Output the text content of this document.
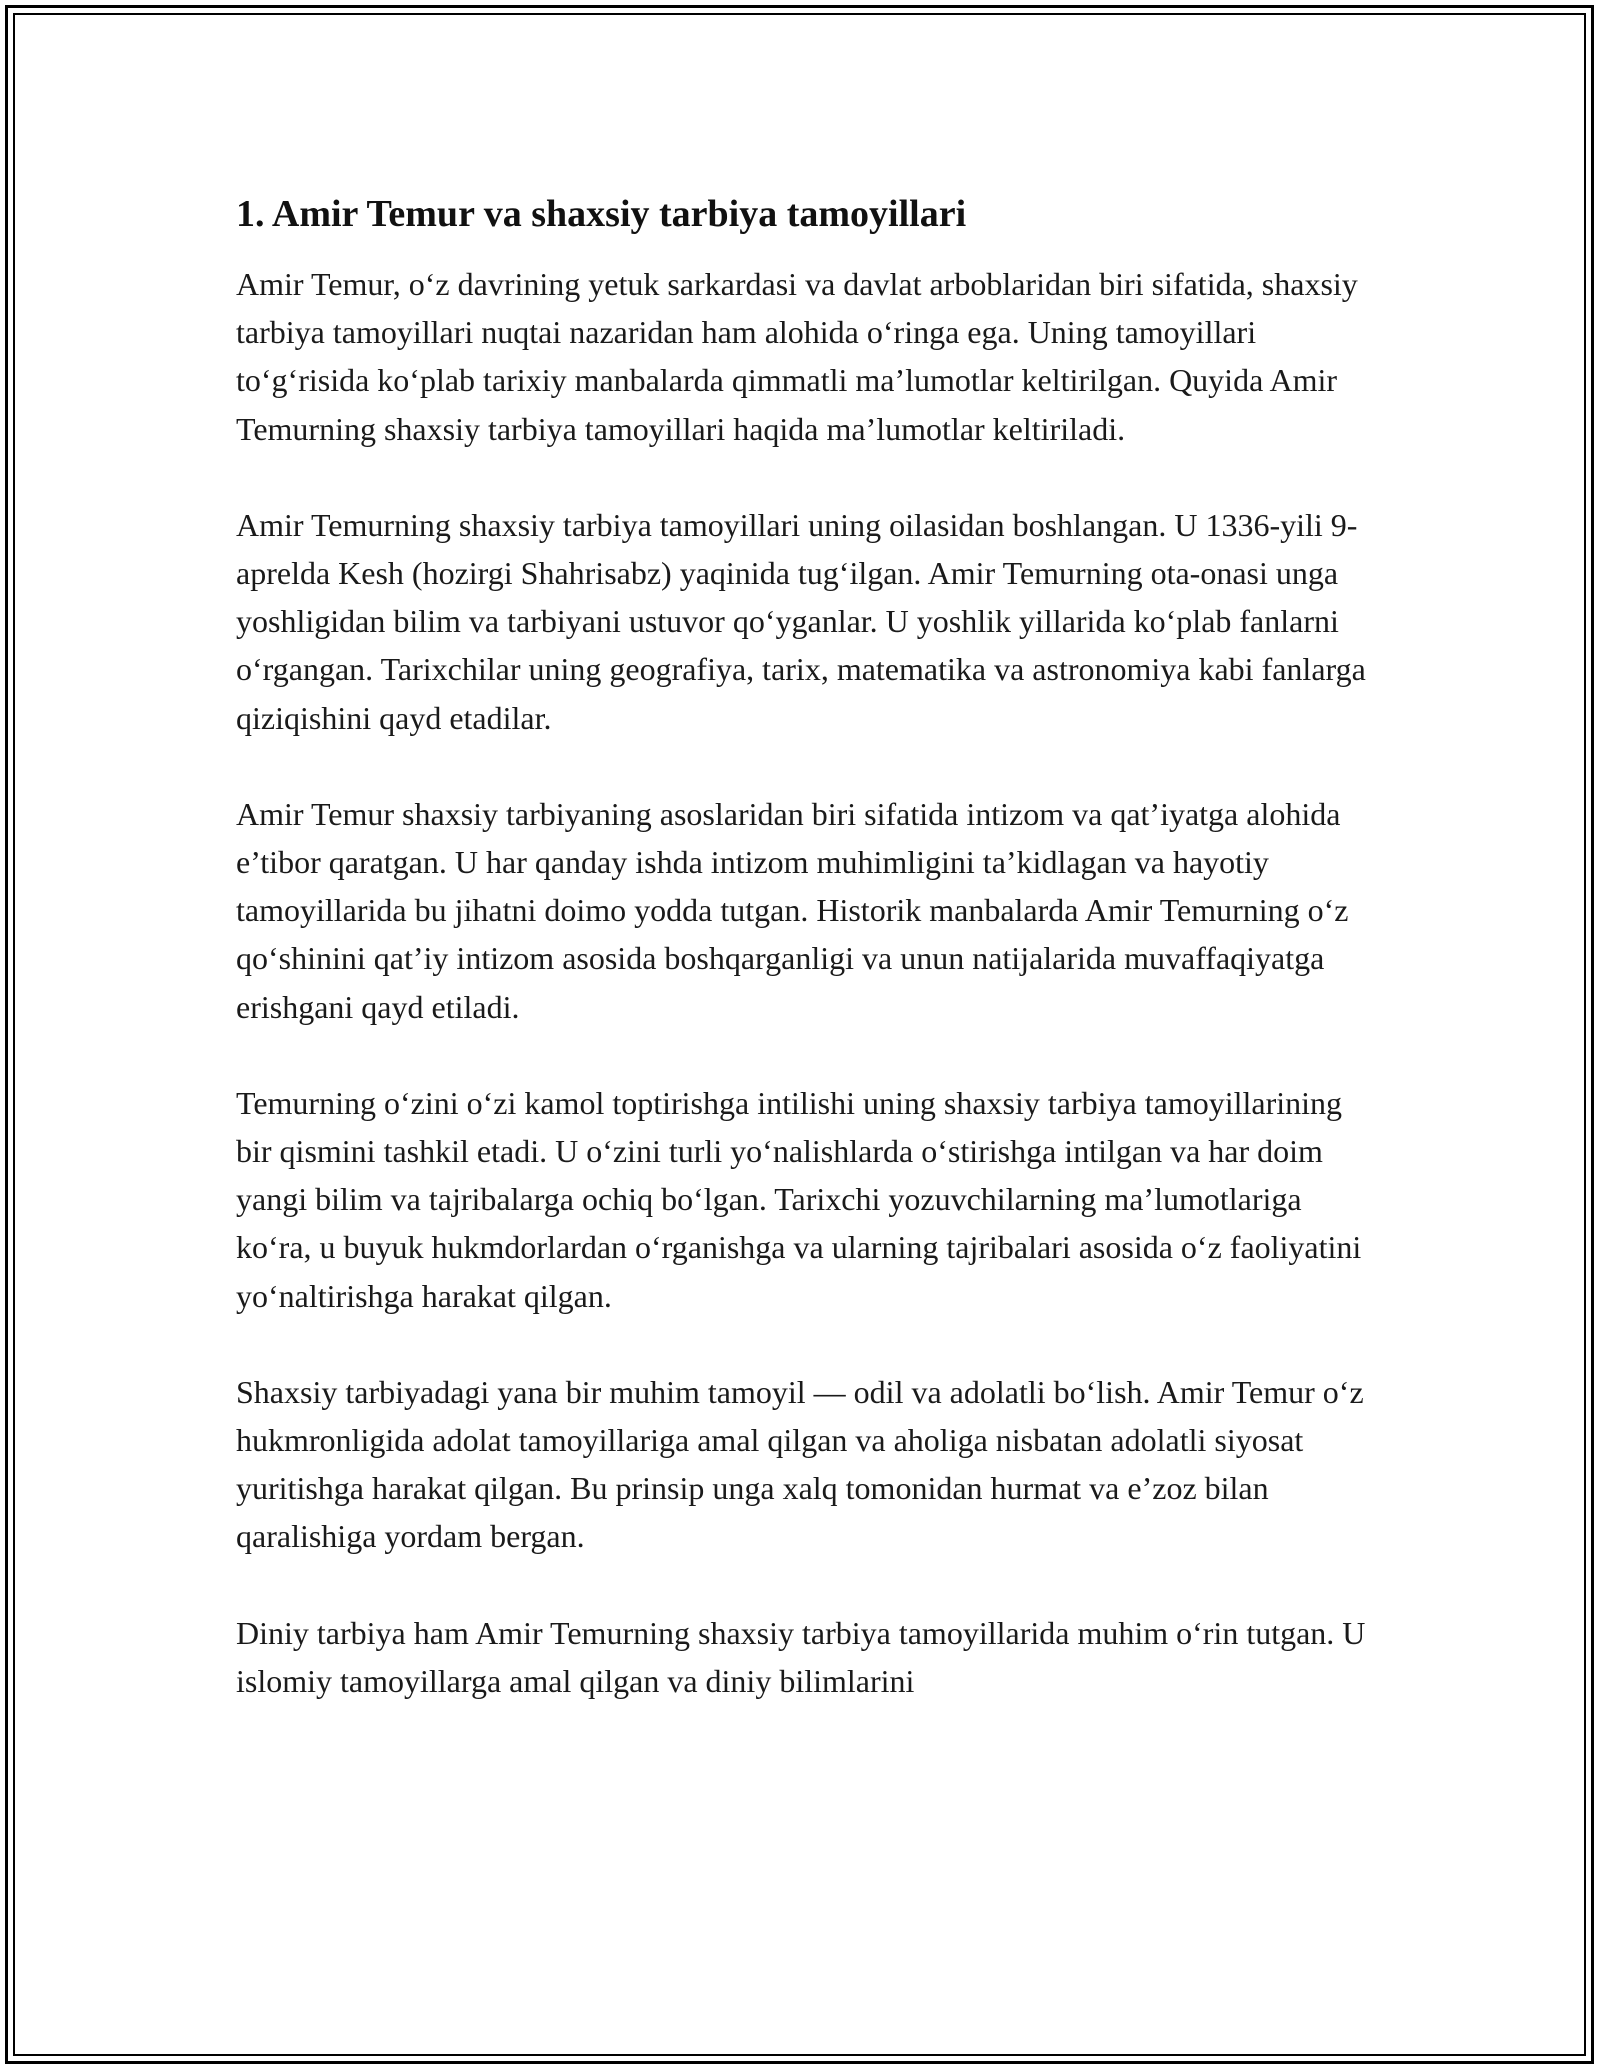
1. Amir Temur va shaxsiy tarbiya tamoyillari

Amir Temur, o‘z davrining yetuk sarkardasi va davlat arboblaridan biri sifatida, shaxsiy tarbiya tamoyillari nuqtai nazaridan ham alohida o‘ringa ega. Uning tamoyillari to‘g‘risida ko‘plab tarixiy manbalarda qimmatli ma’lumotlar keltirilgan. Quyida Amir Temurning shaxsiy tarbiya tamoyillari haqida ma’lumotlar keltiriladi.

Amir Temurning shaxsiy tarbiya tamoyillari uning oilasidan boshlangan. U 1336-yili 9-aprelda Kesh (hozirgi Shahrisabz) yaqinida tug‘ilgan. Amir Temurning ota-onasi unga yoshligidan bilim va tarbiyani ustuvor qo‘yganlar. U yoshlik yillarida ko‘plab fanlarni o‘rgangan. Tarixchilar uning geografiya, tarix, matematika va astronomiya kabi fanlarga qiziqishini qayd etadilar.

Amir Temur shaxsiy tarbiyaning asoslaridan biri sifatida intizom va qat’iyatga alohida e’tibor qaratgan. U har qanday ishda intizom muhimligini ta’kidlagan va hayotiy tamoyillarida bu jihatni doimo yodda tutgan. Historik manbalarda Amir Temurning o‘z qo‘shinini qat’iy intizom asosida boshqarganligi va unun natijalarida muvaffaqiyatga erishgani qayd etiladi.

Temurning o‘zini o‘zi kamol toptirishga intilishi uning shaxsiy tarbiya tamoyillarining bir qismini tashkil etadi. U o‘zini turli yo‘nalishlarda o‘stirishga intilgan va har doim yangi bilim va tajribalarga ochiq bo‘lgan. Tarixchi yozuvchilarning ma’lumotlariga ko‘ra, u buyuk hukmdorlardan o‘rganishga va ularning tajribalari asosida o‘z faoliyatini yo‘naltirishga harakat qilgan.

Shaxsiy tarbiyadagi yana bir muhim tamoyil — odil va adolatli bo‘lish. Amir Temur o‘z hukmronligida adolat tamoyillariga amal qilgan va aholiga nisbatan adolatli siyosat yuritishga harakat qilgan. Bu prinsip unga xalq tomonidan hurmat va e’zoz bilan qaralishiga yordam bergan.

Diniy tarbiya ham Amir Temurning shaxsiy tarbiya tamoyillarida muhim o‘rin tutgan. U islomiy tamoyillarga amal qilgan va diniy bilimlarini
